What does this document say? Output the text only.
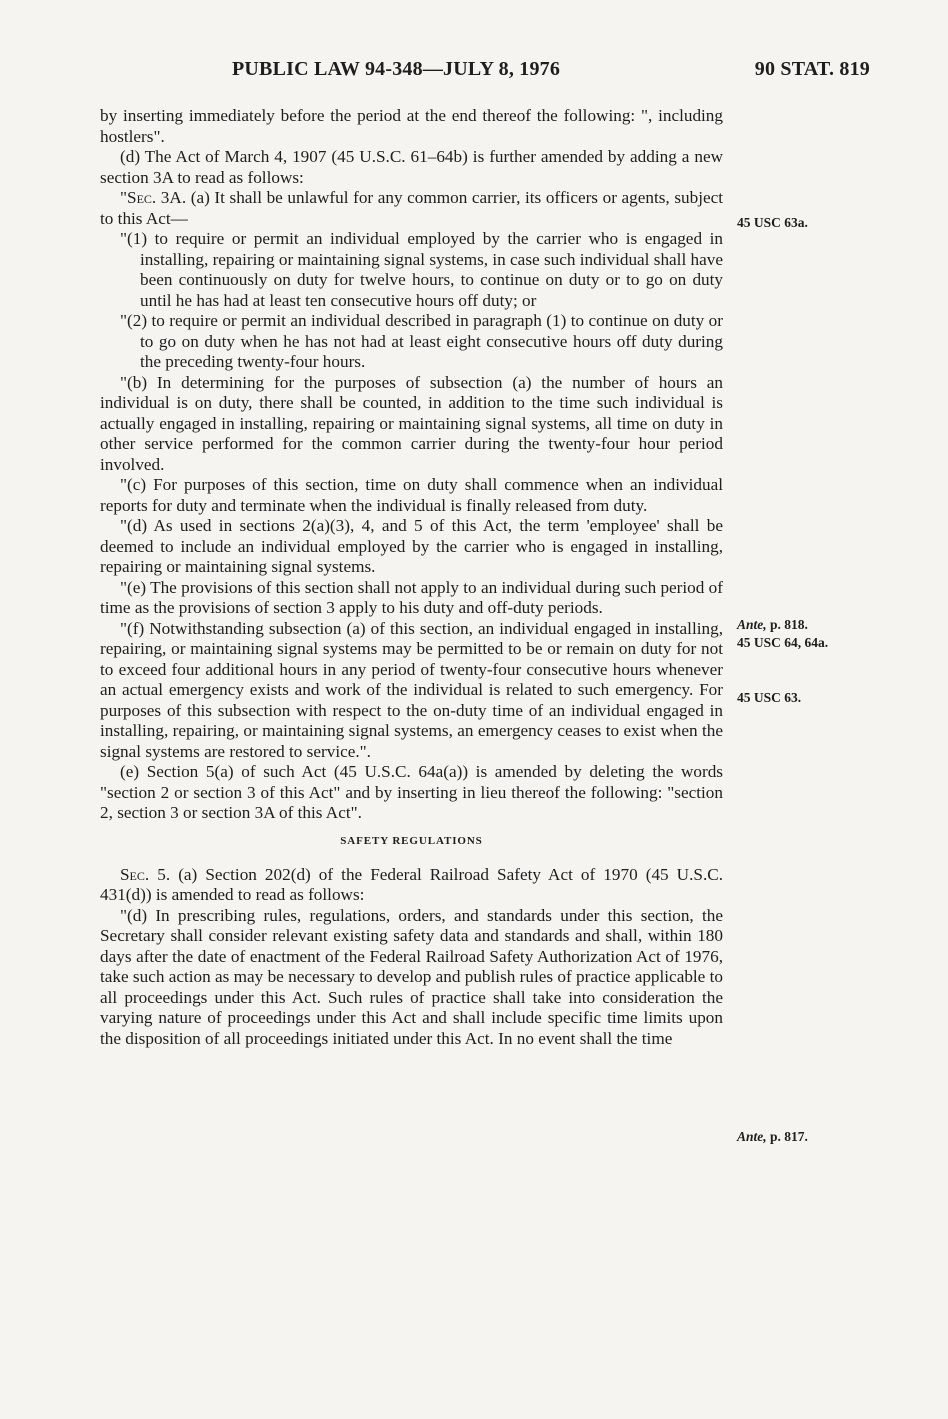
PUBLIC LAW 94-348—JULY 8, 1976	90 STAT. 819

by inserting immediately before the period at the end thereof the following: ", including hostlers".

(d) The Act of March 4, 1907 (45 U.S.C. 61–64b) is further amended by adding a new section 3A to read as follows:

"Sec. 3A. (a) It shall be unlawful for any common carrier, its officers or agents, subject to this Act—

"(1) to require or permit an individual employed by the carrier who is engaged in installing, repairing or maintaining signal systems, in case such individual shall have been continuously on duty for twelve hours, to continue on duty or to go on duty until he has had at least ten consecutive hours off duty; or

"(2) to require or permit an individual described in paragraph (1) to continue on duty or to go on duty when he has not had at least eight consecutive hours off duty during the preceding twenty-four hours.

"(b) In determining for the purposes of subsection (a) the number of hours an individual is on duty, there shall be counted, in addition to the time such individual is actually engaged in installing, repairing or maintaining signal systems, all time on duty in other service performed for the common carrier during the twenty-four hour period involved.

"(c) For purposes of this section, time on duty shall commence when an individual reports for duty and terminate when the individual is finally released from duty.

"(d) As used in sections 2(a)(3), 4, and 5 of this Act, the term 'employee' shall be deemed to include an individual employed by the carrier who is engaged in installing, repairing or maintaining signal systems.

"(e) The provisions of this section shall not apply to an individual during such period of time as the provisions of section 3 apply to his duty and off-duty periods.

"(f) Notwithstanding subsection (a) of this section, an individual engaged in installing, repairing, or maintaining signal systems may be permitted to be or remain on duty for not to exceed four additional hours in any period of twenty-four consecutive hours whenever an actual emergency exists and work of the individual is related to such emergency. For purposes of this subsection with respect to the on-duty time of an individual engaged in installing, repairing, or maintaining signal systems, an emergency ceases to exist when the signal systems are restored to service.".

(e) Section 5(a) of such Act (45 U.S.C. 64a(a)) is amended by deleting the words "section 2 or section 3 of this Act" and by inserting in lieu thereof the following: "section 2, section 3 or section 3A of this Act".

SAFETY REGULATIONS

Sec. 5. (a) Section 202(d) of the Federal Railroad Safety Act of 1970 (45 U.S.C. 431(d)) is amended to read as follows:

"(d) In prescribing rules, regulations, orders, and standards under this section, the Secretary shall consider relevant existing safety data and standards and shall, within 180 days after the date of enactment of the Federal Railroad Safety Authorization Act of 1976, take such action as may be necessary to develop and publish rules of practice applicable to all proceedings under this Act. Such rules of practice shall take into consideration the varying nature of proceedings under this Act and shall include specific time limits upon the disposition of all proceedings initiated under this Act. In no event shall the time

45 USC 63a.
Ante, p. 818.
45 USC 64, 64a.
45 USC 63.
Ante, p. 817.
